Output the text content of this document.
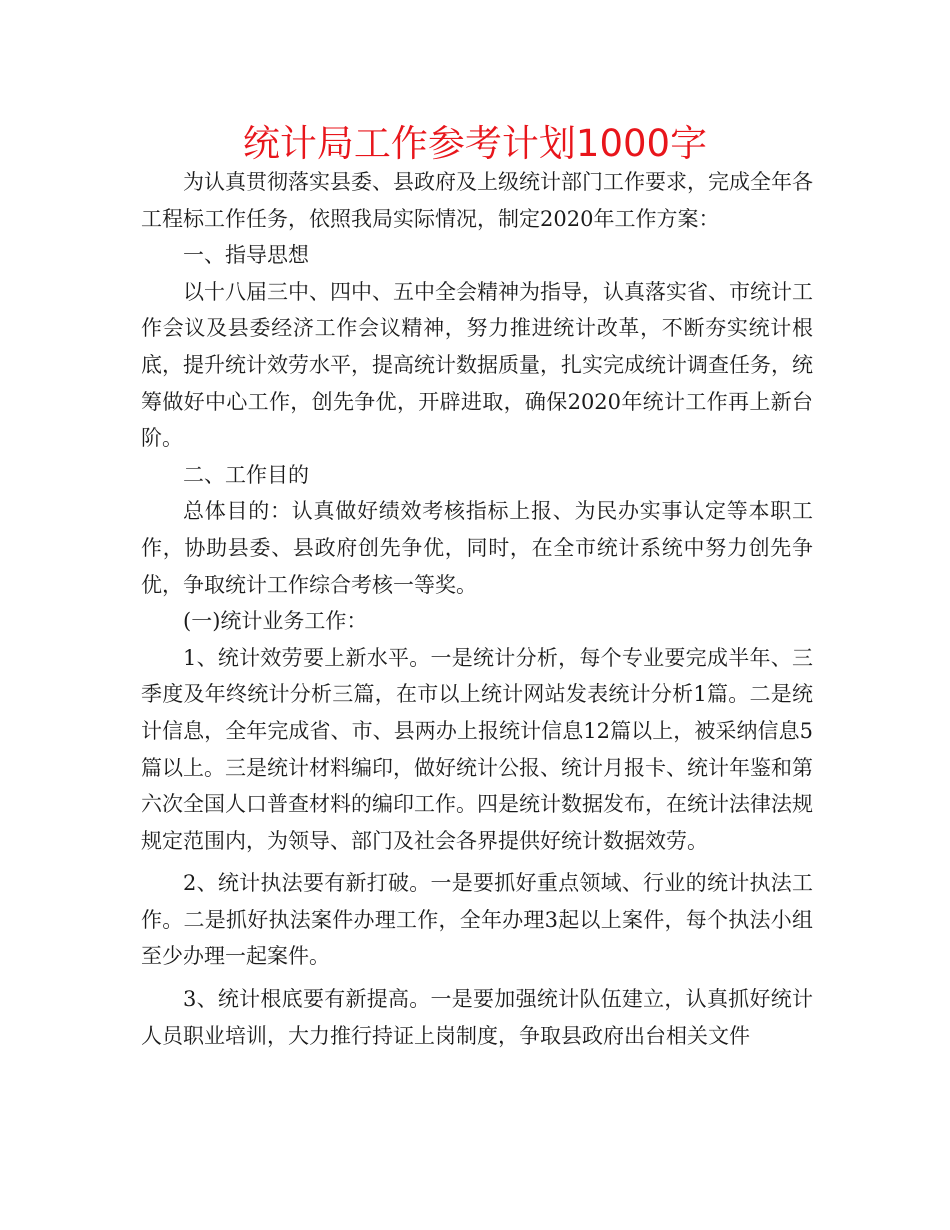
统计局工作参考计划1000字

为认真贯彻落实县委、县政府及上级统计部门工作要求，完成全年各工程标工作任务，依照我局实际情况，制定2020年工作方案：

一、指导思想

以十八届三中、四中、五中全会精神为指导，认真落实省、市统计工作会议及县委经济工作会议精神，努力推进统计改革，不断夯实统计根底，提升统计效劳水平，提高统计数据质量，扎实完成统计调查任务，统筹做好中心工作，创先争优，开辟进取，确保2020年统计工作再上新台阶。

二、工作目的

总体目的：认真做好绩效考核指标上报、为民办实事认定等本职工作，协助县委、县政府创先争优，同时，在全市统计系统中努力创先争优，争取统计工作综合考核一等奖。

(一)统计业务工作：

1、统计效劳要上新水平。一是统计分析，每个专业要完成半年、三季度及年终统计分析三篇，在市以上统计网站发表统计分析1篇。二是统计信息，全年完成省、市、县两办上报统计信息12篇以上，被采纳信息5篇以上。三是统计材料编印，做好统计公报、统计月报卡、统计年鉴和第六次全国人口普查材料的编印工作。四是统计数据发布，在统计法律法规规定范围内，为领导、部门及社会各界提供好统计数据效劳。

2、统计执法要有新打破。一是要抓好重点领域、行业的统计执法工作。二是抓好执法案件办理工作，全年办理3起以上案件，每个执法小组至少办理一起案件。

3、统计根底要有新提高。一是要加强统计队伍建立，认真抓好统计人员职业培训，大力推行持证上岗制度，争取县政府出台相关文件
